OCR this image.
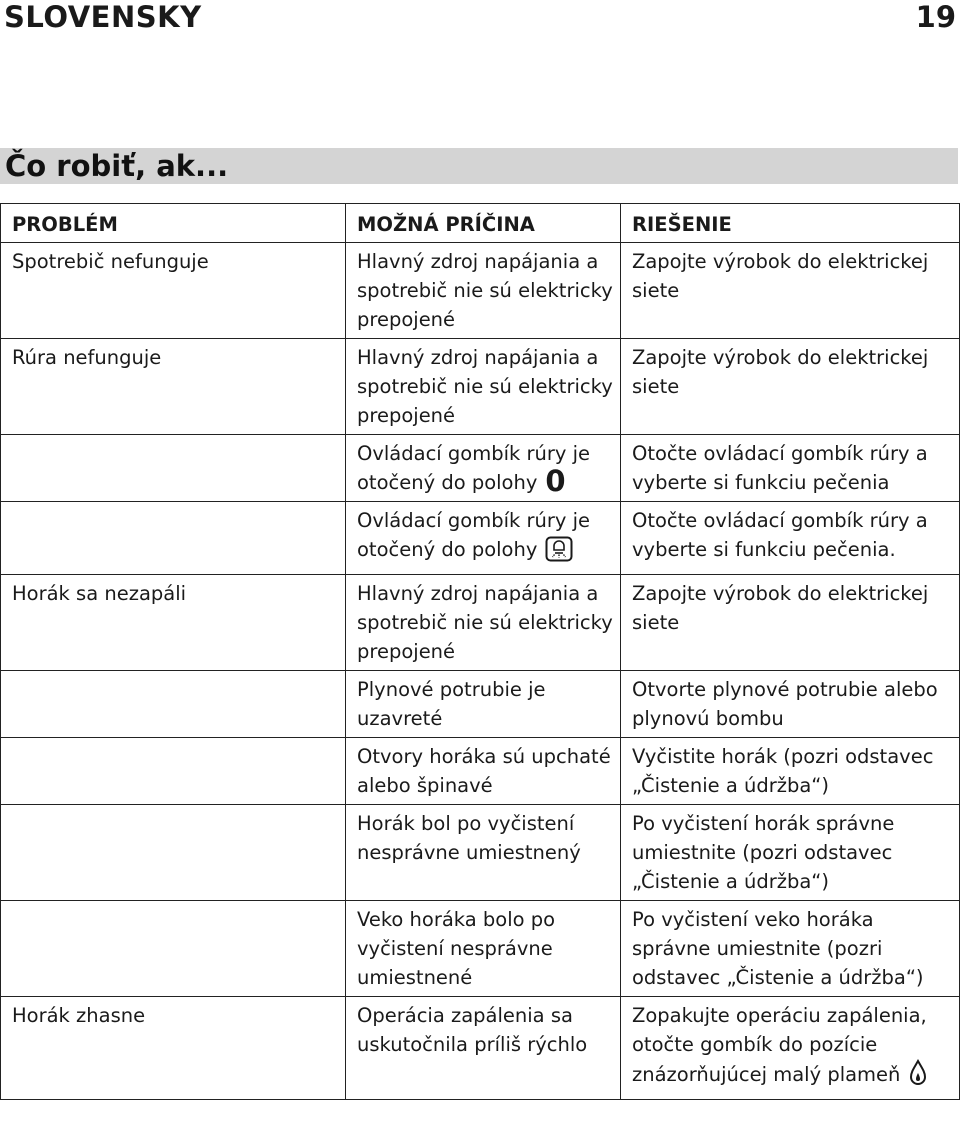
SLOVENSKY	19
Čo robiť, ak...
PROBLÉM	MOŽNÁ PRÍČINA	RIEŠENIE
Spotrebič nefunguje	Hlavný zdroj napájania a spotrebič nie sú elektricky prepojené	Zapojte výrobok do elektrickej siete
Rúra nefunguje	Hlavný zdroj napájania a spotrebič nie sú elektricky prepojené	Zapojte výrobok do elektrickej siete
	Ovládací gombík rúry je otočený do polohy 0	Otočte ovládací gombík rúry a vyberte si funkciu pečenia
	Ovládací gombík rúry je otočený do polohy	Otočte ovládací gombík rúry a vyberte si funkciu pečenia.
Horák sa nezapáli	Hlavný zdroj napájania a spotrebič nie sú elektricky prepojené	Zapojte výrobok do elektrickej siete
	Plynové potrubie je uzavreté	Otvorte plynové potrubie alebo plynovú bombu
	Otvory horáka sú upchaté alebo špinavé	Vyčistite horák (pozri odstavec „Čistenie a údržba“)
	Horák bol po vyčistení nesprávne umiestnený	Po vyčistení horák správne umiestnite (pozri odstavec „Čistenie a údržba“)
	Veko horáka bolo po vyčistení nesprávne umiestnené	Po vyčistení veko horáka správne umiestnite (pozri odstavec „Čistenie a údržba“)
Horák zhasne	Operácia zapálenia sa uskutočnila príliš rýchlo	Zopakujte operáciu zapálenia, otočte gombík do pozície znázorňujúcej malý plameň
